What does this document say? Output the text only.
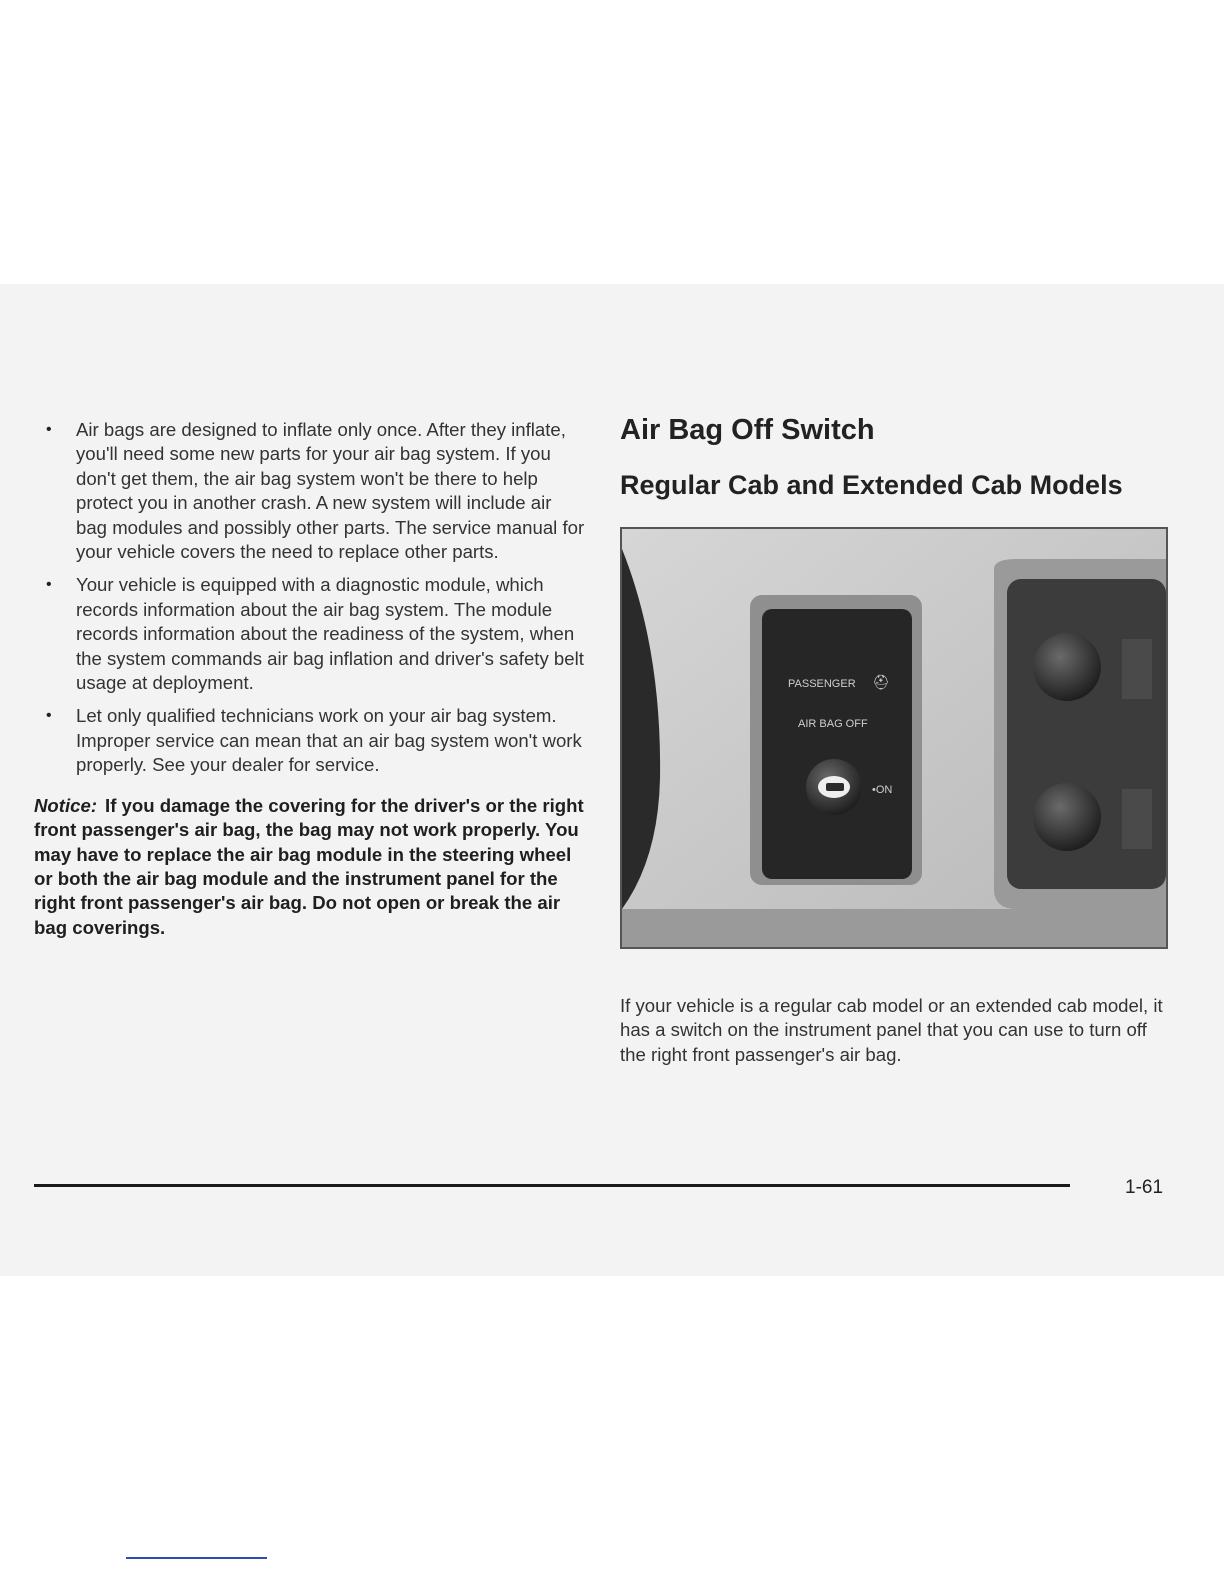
• Air bags are designed to inflate only once. After they inflate, you'll need some new parts for your air bag system. If you don't get them, the air bag system won't be there to help protect you in another crash. A new system will include air bag modules and possibly other parts. The service manual for your vehicle covers the need to replace other parts.
• Your vehicle is equipped with a diagnostic module, which records information about the air bag system. The module records information about the readiness of the system, when the system commands air bag inflation and driver's safety belt usage at deployment.
• Let only qualified technicians work on your air bag system. Improper service can mean that an air bag system won't work properly. See your dealer for service.
Notice: If you damage the covering for the driver's or the right front passenger's air bag, the bag may not work properly. You may have to replace the air bag module in the steering wheel or both the air bag module and the instrument panel for the right front passenger's air bag. Do not open or break the air bag coverings.
Air Bag Off Switch
Regular Cab and Extended Cab Models
PASSENGER ⛑
AIR BAG OFF
•ON
If your vehicle is a regular cab model or an extended cab model, it has a switch on the instrument panel that you can use to turn off the right front passenger's air bag.
1-61
